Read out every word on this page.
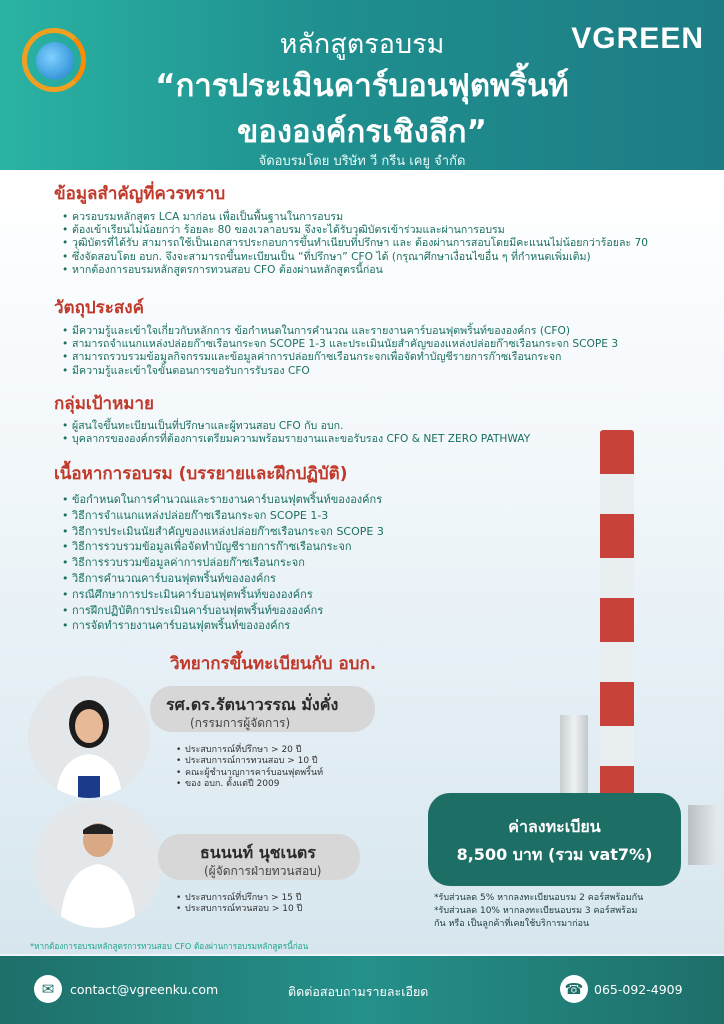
VGREEN
หลักสูตรอบรม
“การประเมินคาร์บอนฟุตพริ้นท์
ขององค์กรเชิงลึก”
จัดอบรมโดย บริษัท วี กรีน เคยู จำกัด
ข้อมูลสำคัญที่ควรทราบ
• ควรอบรมหลักสูตร LCA มาก่อน เพื่อเป็นพื้นฐานในการอบรม
• ต้องเข้าเรียนไม่น้อยกว่า ร้อยละ 80 ของเวลาอบรม จึงจะได้รับวุฒิบัตรเข้าร่วมและผ่านการอบรม
• วุฒิบัตรที่ได้รับ สามารถใช้เป็นเอกสารประกอบการขึ้นทำเนียบที่ปรึกษา และ ต้องผ่านการสอบโดยมีคะแนนไม่น้อยกว่าร้อยละ 70
• ซึ่งจัดสอบโดย อบก. จึงจะสามารถขึ้นทะเบียนเป็น “ที่ปรึกษา” CFO ได้ (กรุณาศึกษาเงื่อนไขอื่น ๆ ที่กำหนดเพิ่มเติม)
• หากต้องการอบรมหลักสูตรการทวนสอบ CFO ต้องผ่านหลักสูตรนี้ก่อน
วัตถุประสงค์
• มีความรู้และเข้าใจเกี่ยวกับหลักการ ข้อกำหนดในการคำนวณ และรายงานคาร์บอนฟุตพริ้นท์ขององค์กร (CFO)
• สามารถจำแนกแหล่งปล่อยก๊าซเรือนกระจก SCOPE 1-3 และประเมินนัยสำคัญของแหล่งปล่อยก๊าซเรือนกระจก SCOPE 3
• สามารถรวบรวมข้อมูลกิจกรรมและข้อมูลค่าการปล่อยก๊าซเรือนกระจกเพื่อจัดทำบัญชีรายการก๊าซเรือนกระจก
• มีความรู้และเข้าใจขั้นตอนการขอรับการรับรอง CFO
กลุ่มเป้าหมาย
• ผู้สนใจขึ้นทะเบียนเป็นที่ปรึกษาและผู้ทวนสอบ CFO กับ อบก.
• บุคลากรขององค์กรที่ต้องการเตรียมความพร้อมรายงานและขอรับรอง CFO & NET ZERO PATHWAY
เนื้อหาการอบรม (บรรยายและฝึกปฏิบัติ)
• ข้อกำหนดในการคำนวณและรายงานคาร์บอนฟุตพริ้นท์ขององค์กร
• วิธีการจำแนกแหล่งปล่อยก๊าซเรือนกระจก SCOPE 1-3
• วิธีการประเมินนัยสำคัญของแหล่งปล่อยก๊าซเรือนกระจก SCOPE 3
• วิธีการรวบรวมข้อมูลเพื่อจัดทำบัญชีรายการก๊าซเรือนกระจก
• วิธีการรวบรวมข้อมูลค่าการปล่อยก๊าซเรือนกระจก
• วิธีการคำนวณคาร์บอนฟุตพริ้นท์ขององค์กร
• กรณีศึกษาการประเมินคาร์บอนฟุตพริ้นท์ขององค์กร
• การฝึกปฏิบัติการประเมินคาร์บอนฟุตพริ้นท์ขององค์กร
• การจัดทำรายงานคาร์บอนฟุตพริ้นท์ขององค์กร
วิทยากรขึ้นทะเบียนกับ อบก.
รศ.ดร.รัตนาวรรณ มั่งคั่ง
(กรรมการผู้จัดการ)
• ประสบการณ์ที่ปรึกษา > 20 ปี
• ประสบการณ์การทวนสอบ > 10 ปี
• คณะผู้ชำนาญการคาร์บอนฟุตพริ้นท์
• ของ อบก. ตั้งแต่ปี 2009
ธนนนท์ นุชเนตร
(ผู้จัดการฝ่ายทวนสอบ)
• ประสบการณ์ที่ปรึกษา > 15 ปี
• ประสบการณ์ทวนสอบ > 10 ปี
ค่าลงทะเบียน
8,500 บาท (รวม vat7%)
*รับส่วนลด 5% หากลงทะเบียนอบรม 2 คอร์สพร้อมกัน
*รับส่วนลด 10% หากลงทะเบียนอบรม 3 คอร์สพร้อม
กัน หรือ เป็นลูกค้าที่เคยใช้บริการมาก่อน
*หากต้องการอบรมหลักสูตรการทวนสอบ CFO ต้องผ่านการอบรมหลักสูตรนี้ก่อน
✉	contact@vgreenku.com	ติดต่อสอบถามรายละเอียด	☎ 065-092-4909
